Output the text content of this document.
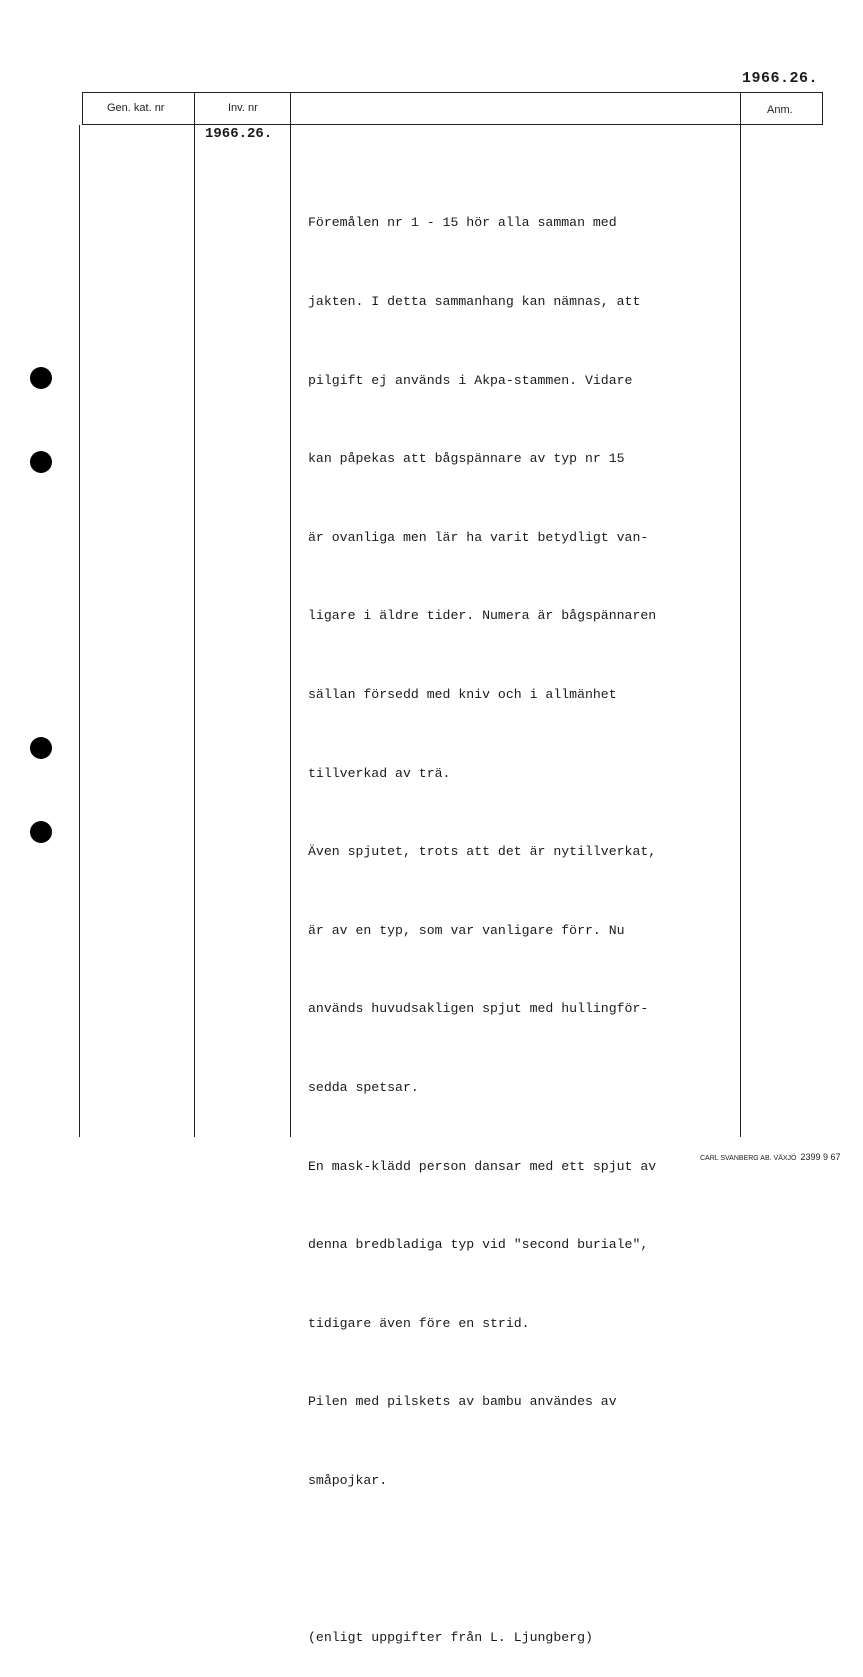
1966.26.
Gen. kat. nr	Inv. nr	Anm.
1966.26.

Föremålen nr 1 - 15 hör alla samman med

jakten. I detta sammanhang kan nämnas, att

pilgift ej används i Akpa-stammen. Vidare

kan påpekas att bågspännare av typ nr 15

är ovanliga men lär ha varit betydligt van-

ligare i äldre tider. Numera är bågspännaren

sällan försedd med kniv och i allmänhet

tillverkad av trä.

Även spjutet, trots att det är nytillverkat,

är av en typ, som var vanligare förr. Nu

används huvudsakligen spjut med hullingför-

sedda spetsar.

En mask-klädd person dansar med ett spjut av

denna bredbladiga typ vid "second buriale",

tidigare även före en strid.

Pilen med pilskets av bambu användes av

småpojkar.

(enligt uppgifter från L. Ljungberg)

CARL SVANBERG AB. VÄXJÖ 2399 9 67
